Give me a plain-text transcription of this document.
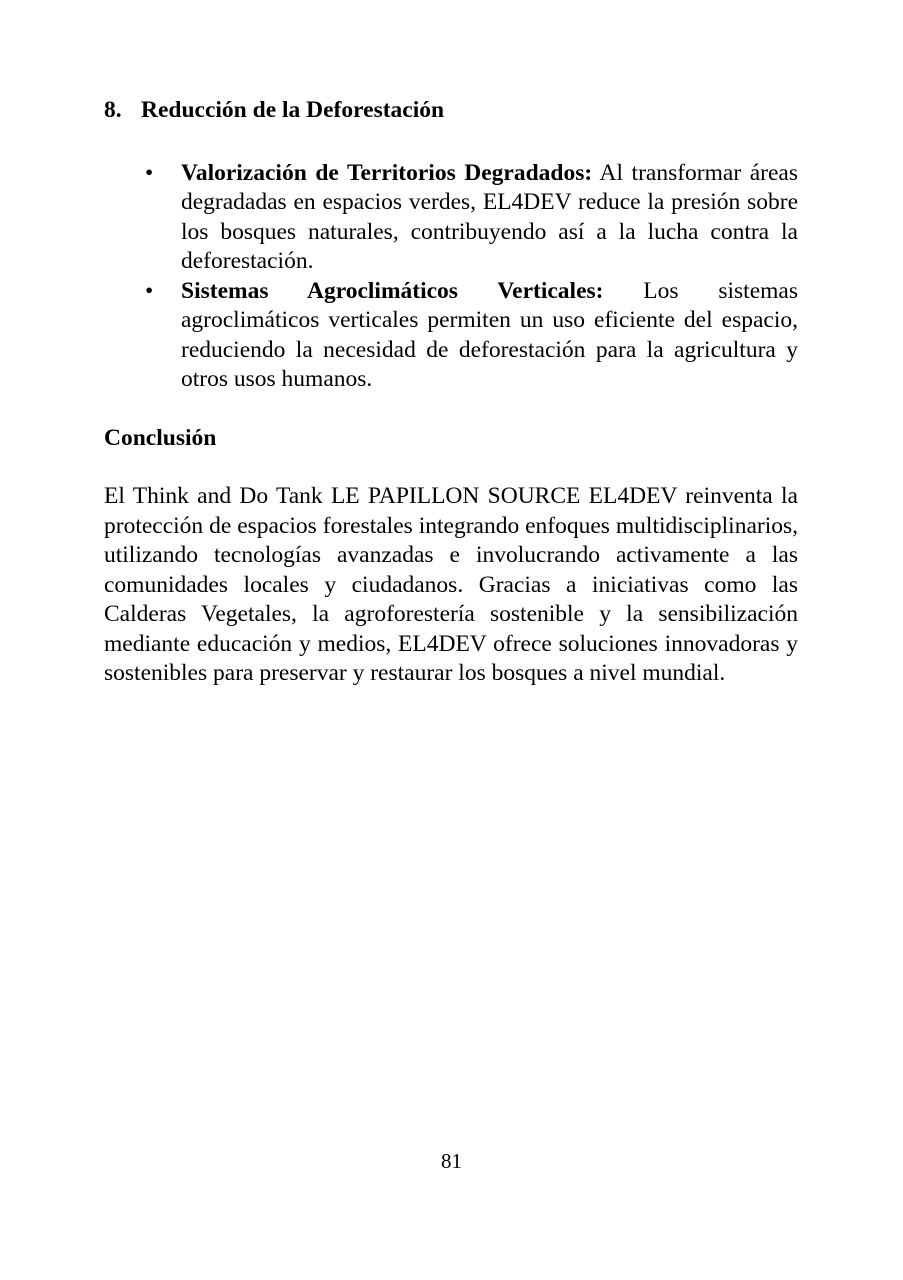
8. Reducción de la Deforestación
• Valorización de Territorios Degradados: Al transformar áreas degradadas en espacios verdes, EL4DEV reduce la presión sobre los bosques naturales, contribuyendo así a la lucha contra la deforestación.
• Sistemas Agroclimáticos Verticales: Los sistemas agroclimáticos verticales permiten un uso eficiente del espacio, reduciendo la necesidad de deforestación para la agricultura y otros usos humanos.
Conclusión

El Think and Do Tank LE PAPILLON SOURCE EL4DEV reinventa la protección de espacios forestales integrando enfoques multidisciplinarios, utilizando tecnologías avanzadas e involucrando activamente a las comunidades locales y ciudadanos. Gracias a iniciativas como las Calderas Vegetales, la agroforestería sostenible y la sensibilización mediante educación y medios, EL4DEV ofrece soluciones innovadoras y sostenibles para preservar y restaurar los bosques a nivel mundial.

81
